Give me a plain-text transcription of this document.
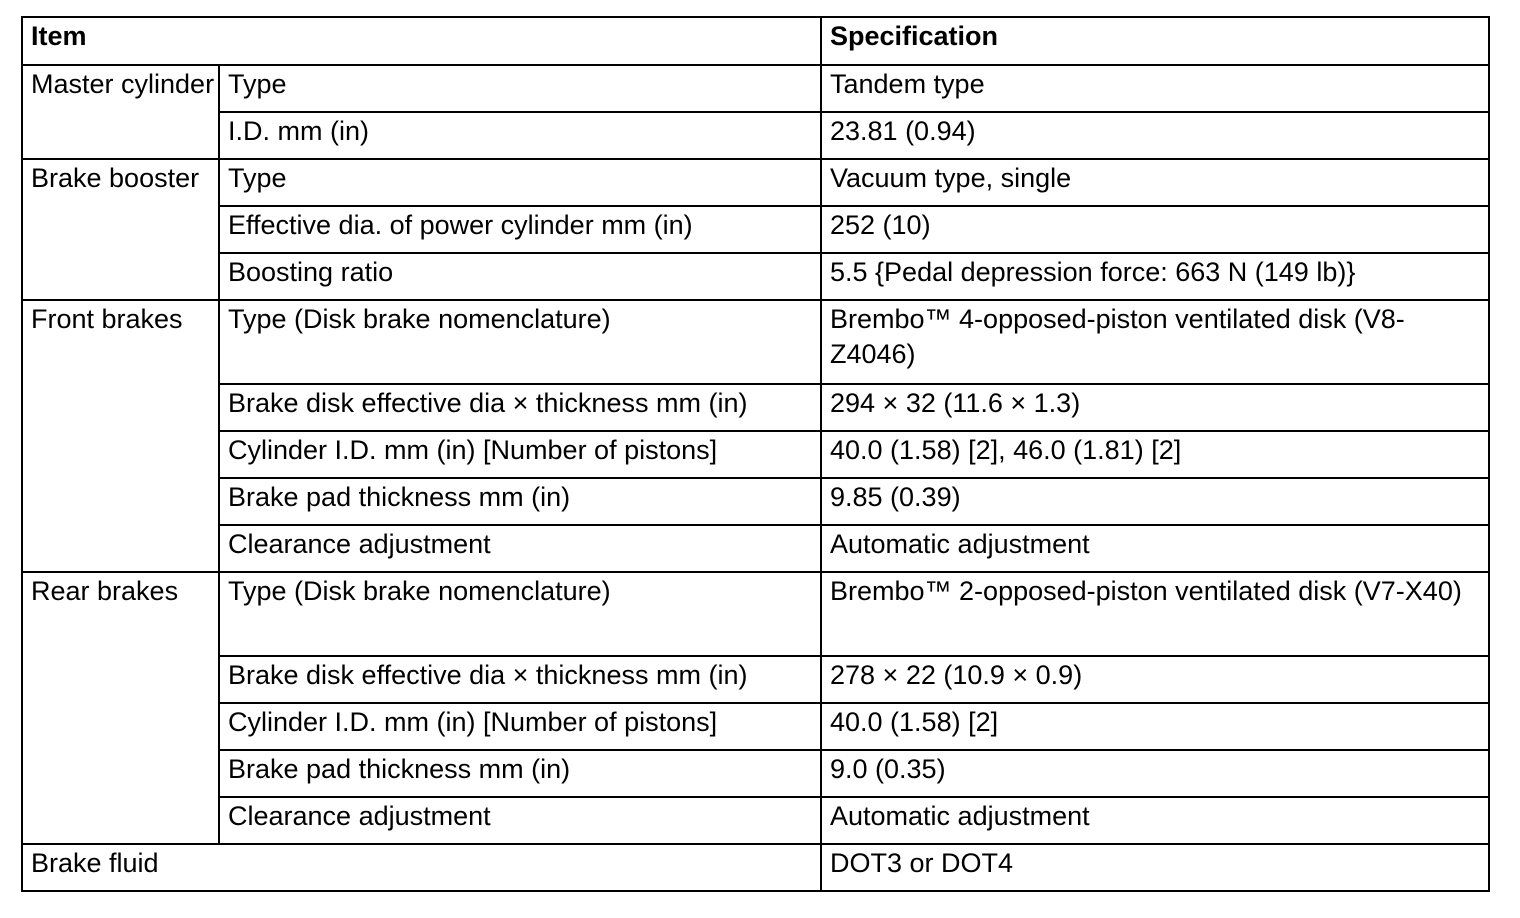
Item		Specification
Master cylinder	Type	Tandem type
	I.D. mm (in)	23.81 (0.94)
Brake booster	Type	Vacuum type, single
	Effective dia. of power cylinder mm (in)	252 (10)
	Boosting ratio	5.5 {Pedal depression force: 663 N (149 lb)}
Front brakes	Type (Disk brake nomenclature)	Brembo™ 4-opposed-piston ventilated disk (V8-Z4046)
	Brake disk effective dia × thickness mm (in)	294 × 32 (11.6 × 1.3)
	Cylinder I.D. mm (in) [Number of pistons]	40.0 (1.58) [2], 46.0 (1.81) [2]
	Brake pad thickness mm (in)	9.85 (0.39)
	Clearance adjustment	Automatic adjustment
Rear brakes	Type (Disk brake nomenclature)	Brembo™ 2-opposed-piston ventilated disk (V7-X40)
	Brake disk effective dia × thickness mm (in)	278 × 22 (10.9 × 0.9)
	Cylinder I.D. mm (in) [Number of pistons]	40.0 (1.58) [2]
	Brake pad thickness mm (in)	9.0 (0.35)
	Clearance adjustment	Automatic adjustment
Brake fluid		DOT3 or DOT4
